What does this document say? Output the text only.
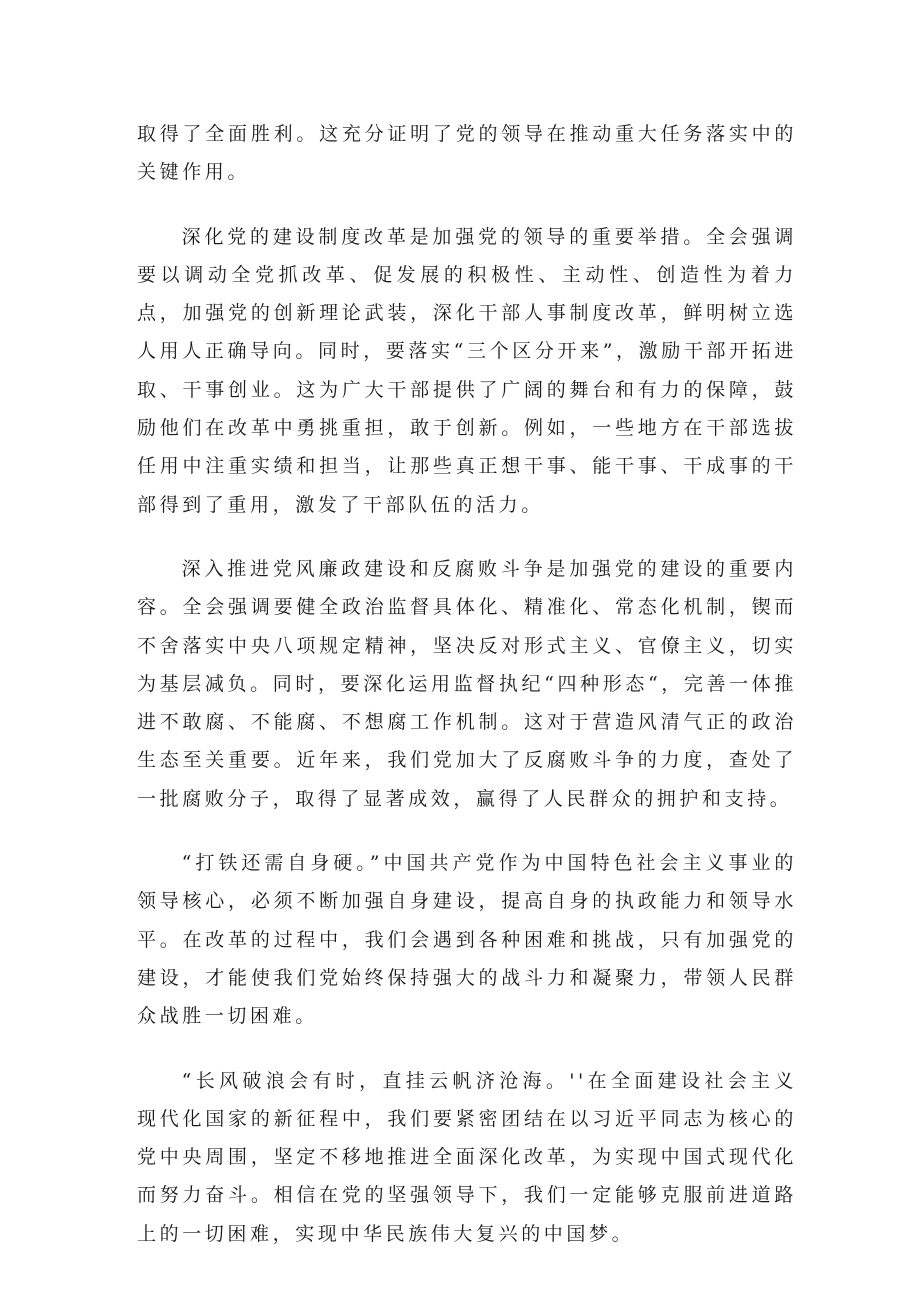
取得了全面胜利。这充分证明了党的领导在推动重大任务落实中的关键作用。

深化党的建设制度改革是加强党的领导的重要举措。全会强调要以调动全党抓改革、促发展的积极性、主动性、创造性为着力点，加强党的创新理论武装，深化干部人事制度改革，鲜明树立选人用人正确导向。同时，要落实“三个区分开来”，激励干部开拓进取、干事创业。这为广大干部提供了广阔的舞台和有力的保障，鼓励他们在改革中勇挑重担，敢于创新。例如，一些地方在干部选拔任用中注重实绩和担当，让那些真正想干事、能干事、干成事的干部得到了重用，激发了干部队伍的活力。

深入推进党风廉政建设和反腐败斗争是加强党的建设的重要内容。全会强调要健全政治监督具体化、精准化、常态化机制，锲而不舍落实中央八项规定精神，坚决反对形式主义、官僚主义，切实为基层减负。同时，要深化运用监督执纪“四种形态“，完善一体推进不敢腐、不能腐、不想腐工作机制。这对于营造风清气正的政治生态至关重要。近年来，我们党加大了反腐败斗争的力度，查处了一批腐败分子，取得了显著成效，赢得了人民群众的拥护和支持。

“打铁还需自身硬。”中国共产党作为中国特色社会主义事业的领导核心，必须不断加强自身建设，提高自身的执政能力和领导水平。在改革的过程中，我们会遇到各种困难和挑战，只有加强党的建设，才能使我们党始终保持强大的战斗力和凝聚力，带领人民群众战胜一切困难。

“长风破浪会有时，直挂云帆济沧海。''在全面建设社会主义现代化国家的新征程中，我们要紧密团结在以习近平同志为核心的党中央周围，坚定不移地推进全面深化改革，为实现中国式现代化而努力奋斗。相信在党的坚强领导下，我们一定能够克服前进道路上的一切困难，实现中华民族伟大复兴的中国梦。
